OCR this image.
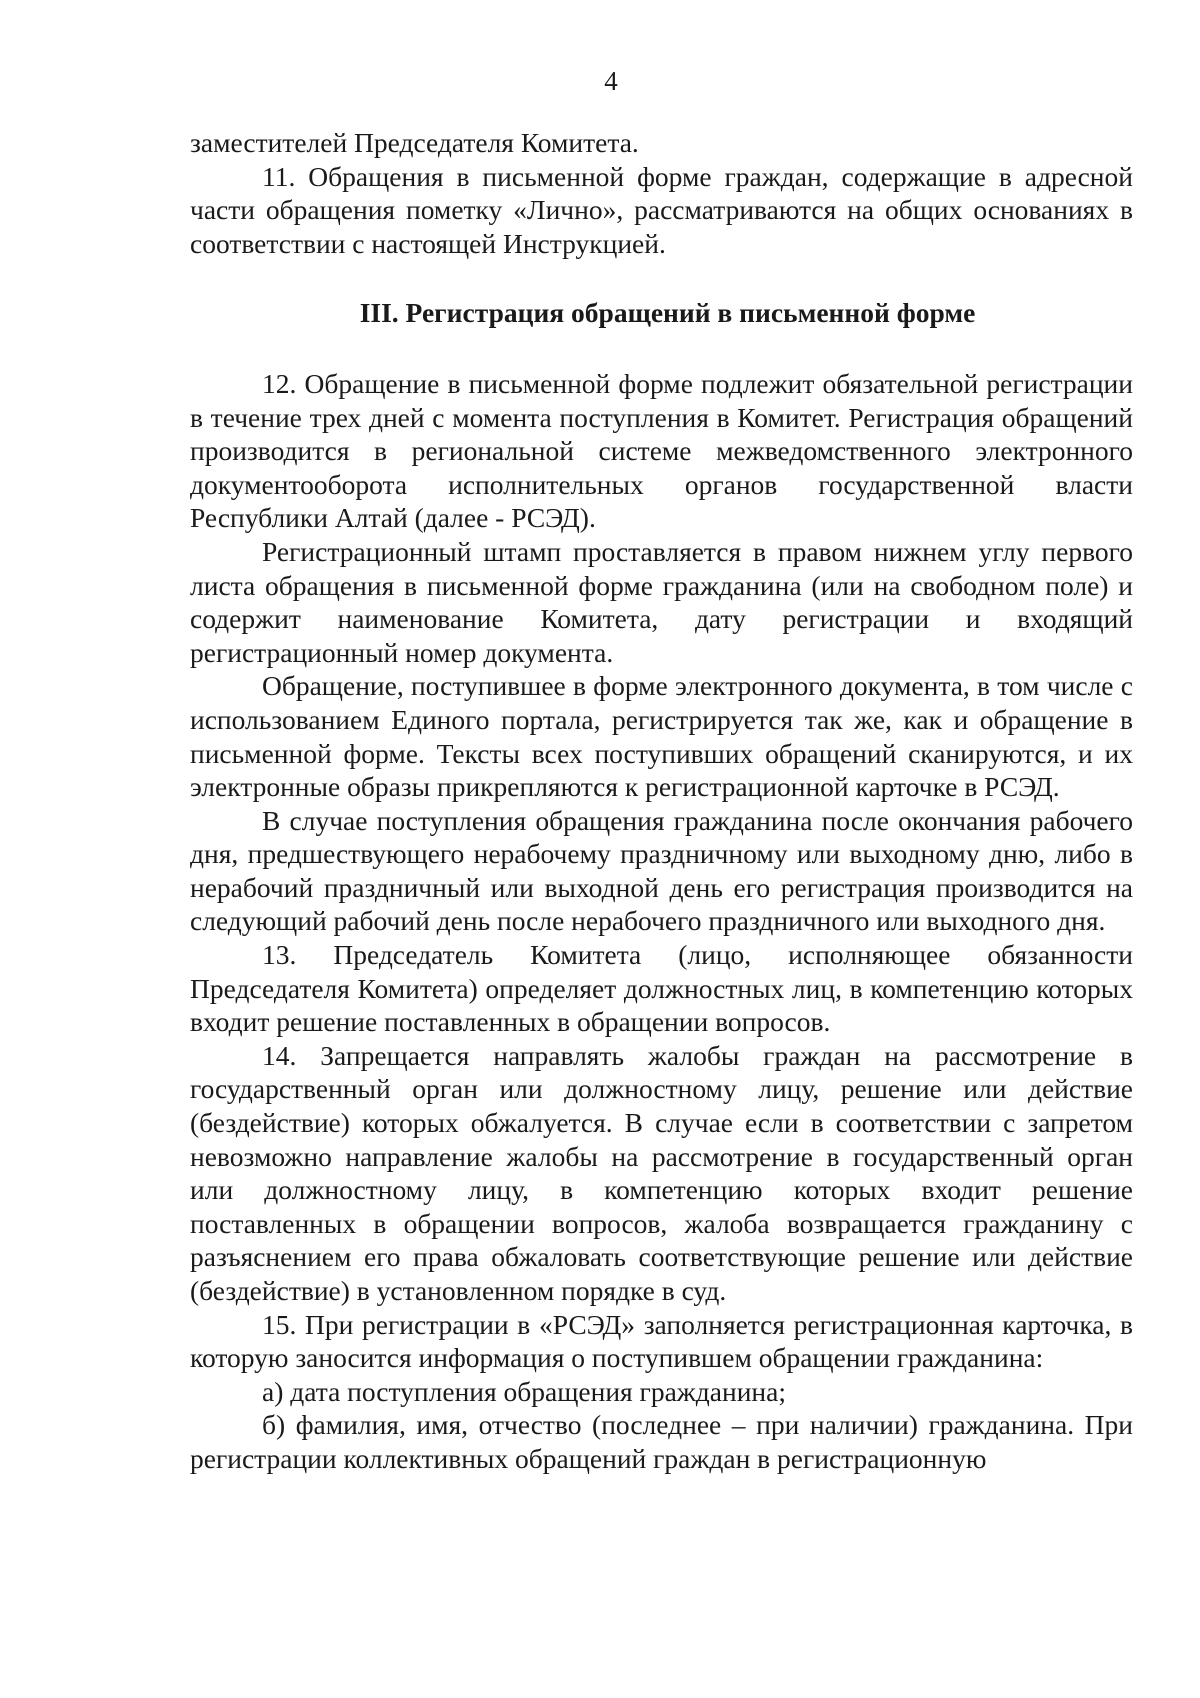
4

заместителей Председателя Комитета.

11. Обращения в письменной форме граждан, содержащие в адресной части обращения пометку «Лично», рассматриваются на общих основаниях в соответствии с настоящей Инструкцией.

III. Регистрация обращений в письменной форме

12. Обращение в письменной форме подлежит обязательной регистрации в течение трех дней с момента поступления в Комитет. Регистрация обращений производится в региональной системе межведомственного электронного документооборота исполнительных органов государственной власти Республики Алтай (далее - РСЭД).

Регистрационный штамп проставляется в правом нижнем углу первого листа обращения в письменной форме гражданина (или на свободном поле) и содержит наименование Комитета, дату регистрации и входящий регистрационный номер документа.

Обращение, поступившее в форме электронного документа, в том числе с использованием Единого портала, регистрируется так же, как и обращение в письменной форме. Тексты всех поступивших обращений сканируются, и их электронные образы прикрепляются к регистрационной карточке в РСЭД.

В случае поступления обращения гражданина после окончания рабочего дня, предшествующего нерабочему праздничному или выходному дню, либо в нерабочий праздничный или выходной день его регистрация производится на следующий рабочий день после нерабочего праздничного или выходного дня.

13. Председатель Комитета (лицо, исполняющее обязанности Председателя Комитета) определяет должностных лиц, в компетенцию которых входит решение поставленных в обращении вопросов.

14. Запрещается направлять жалобы граждан на рассмотрение в государственный орган или должностному лицу, решение или действие (бездействие) которых обжалуется. В случае если в соответствии с запретом невозможно направление жалобы на рассмотрение в государственный орган или должностному лицу, в компетенцию которых входит решение поставленных в обращении вопросов, жалоба возвращается гражданину с разъяснением его права обжаловать соответствующие решение или действие (бездействие) в установленном порядке в суд.

15. При регистрации в «РСЭД» заполняется регистрационная карточка, в которую заносится информация о поступившем обращении гражданина:

а) дата поступления обращения гражданина;

б) фамилия, имя, отчество (последнее – при наличии) гражданина. При регистрации коллективных обращений граждан в регистрационную
